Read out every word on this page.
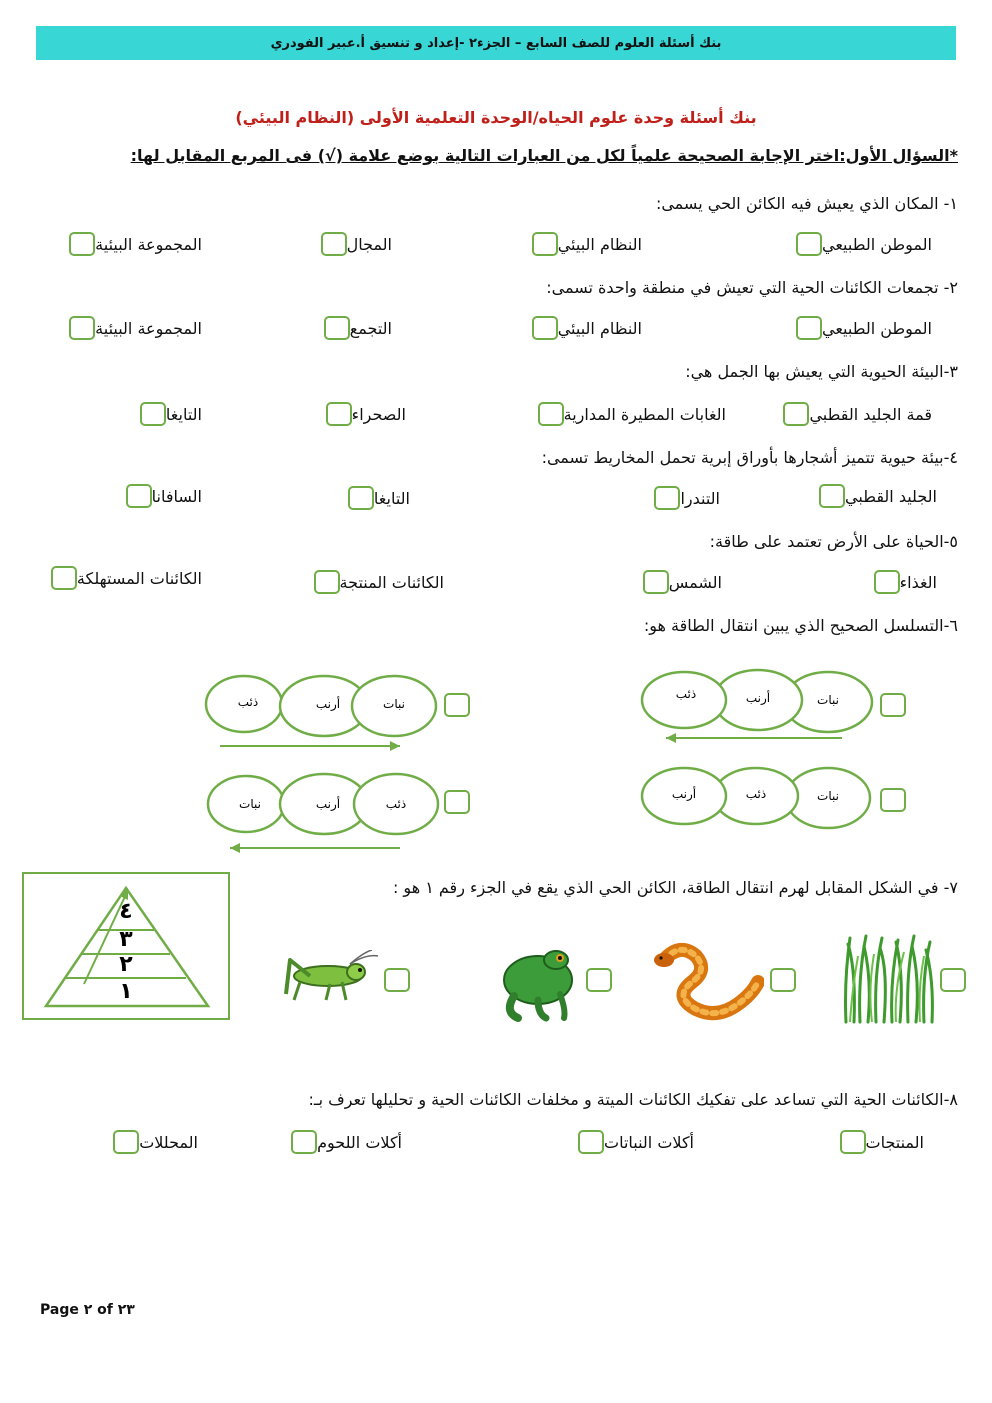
بنك أسئلة العلوم للصف السابع – الجزء٢ -إعداد و تنسيق أ.عبير الفودري
بنك أسئلة وحدة علوم الحياه/الوحدة التعلمية الأولى (النظام البيئي)
*السؤال الأول:اختر الإجابة الصحيحة علمياً لكل من العبارات التالية بوضع علامة (√) فى المربع المقابل لها:
١- المكان الذي يعيش فيه الكائن الحي يسمى:
الموطن الطبيعي
النظام البيئي
المجال
المجموعة البيئية
٢- تجمعات الكائنات الحية التي تعيش في منطقة واحدة تسمى:
الموطن الطبيعي
النظام البيئي
التجمع
المجموعة البيئية
٣-البيئة الحيوية التي يعيش بها الجمل هي:
قمة الجليد القطبي
الغابات المطيرة المدارية
الصحراء
التايغا
٤-بيئة حيوية تتميز أشجارها بأوراق إبرية تحمل المخاريط تسمى:
الجليد القطبي
التندرا
التايغا
السافانا
٥-الحياة على الأرض تعتمد على طاقة:
الغذاء
الشمس
الكائنات المنتجة
الكائنات المستهلكة
٦-التسلسل الصحيح الذي يبين انتقال الطاقة هو:
نبات
أرنب
ذئب
نبات
أرنب
ذئب
نبات
ذئب
أرنب
ذئب
أرنب
نبات
٧- في الشكل المقابل لهرم انتقال الطاقة، الكائن الحي الذي يقع في الجزء رقم ١ هو :
٤
٣
٢
١
٨-الكائنات الحية التي تساعد على تفكيك الكائنات الميتة و مخلفات الكائنات الحية و تحليلها تعرف بـ:
المنتجات
أكلات النباتات
أكلات اللحوم
المحللات
Page ٢ of ٢٣
